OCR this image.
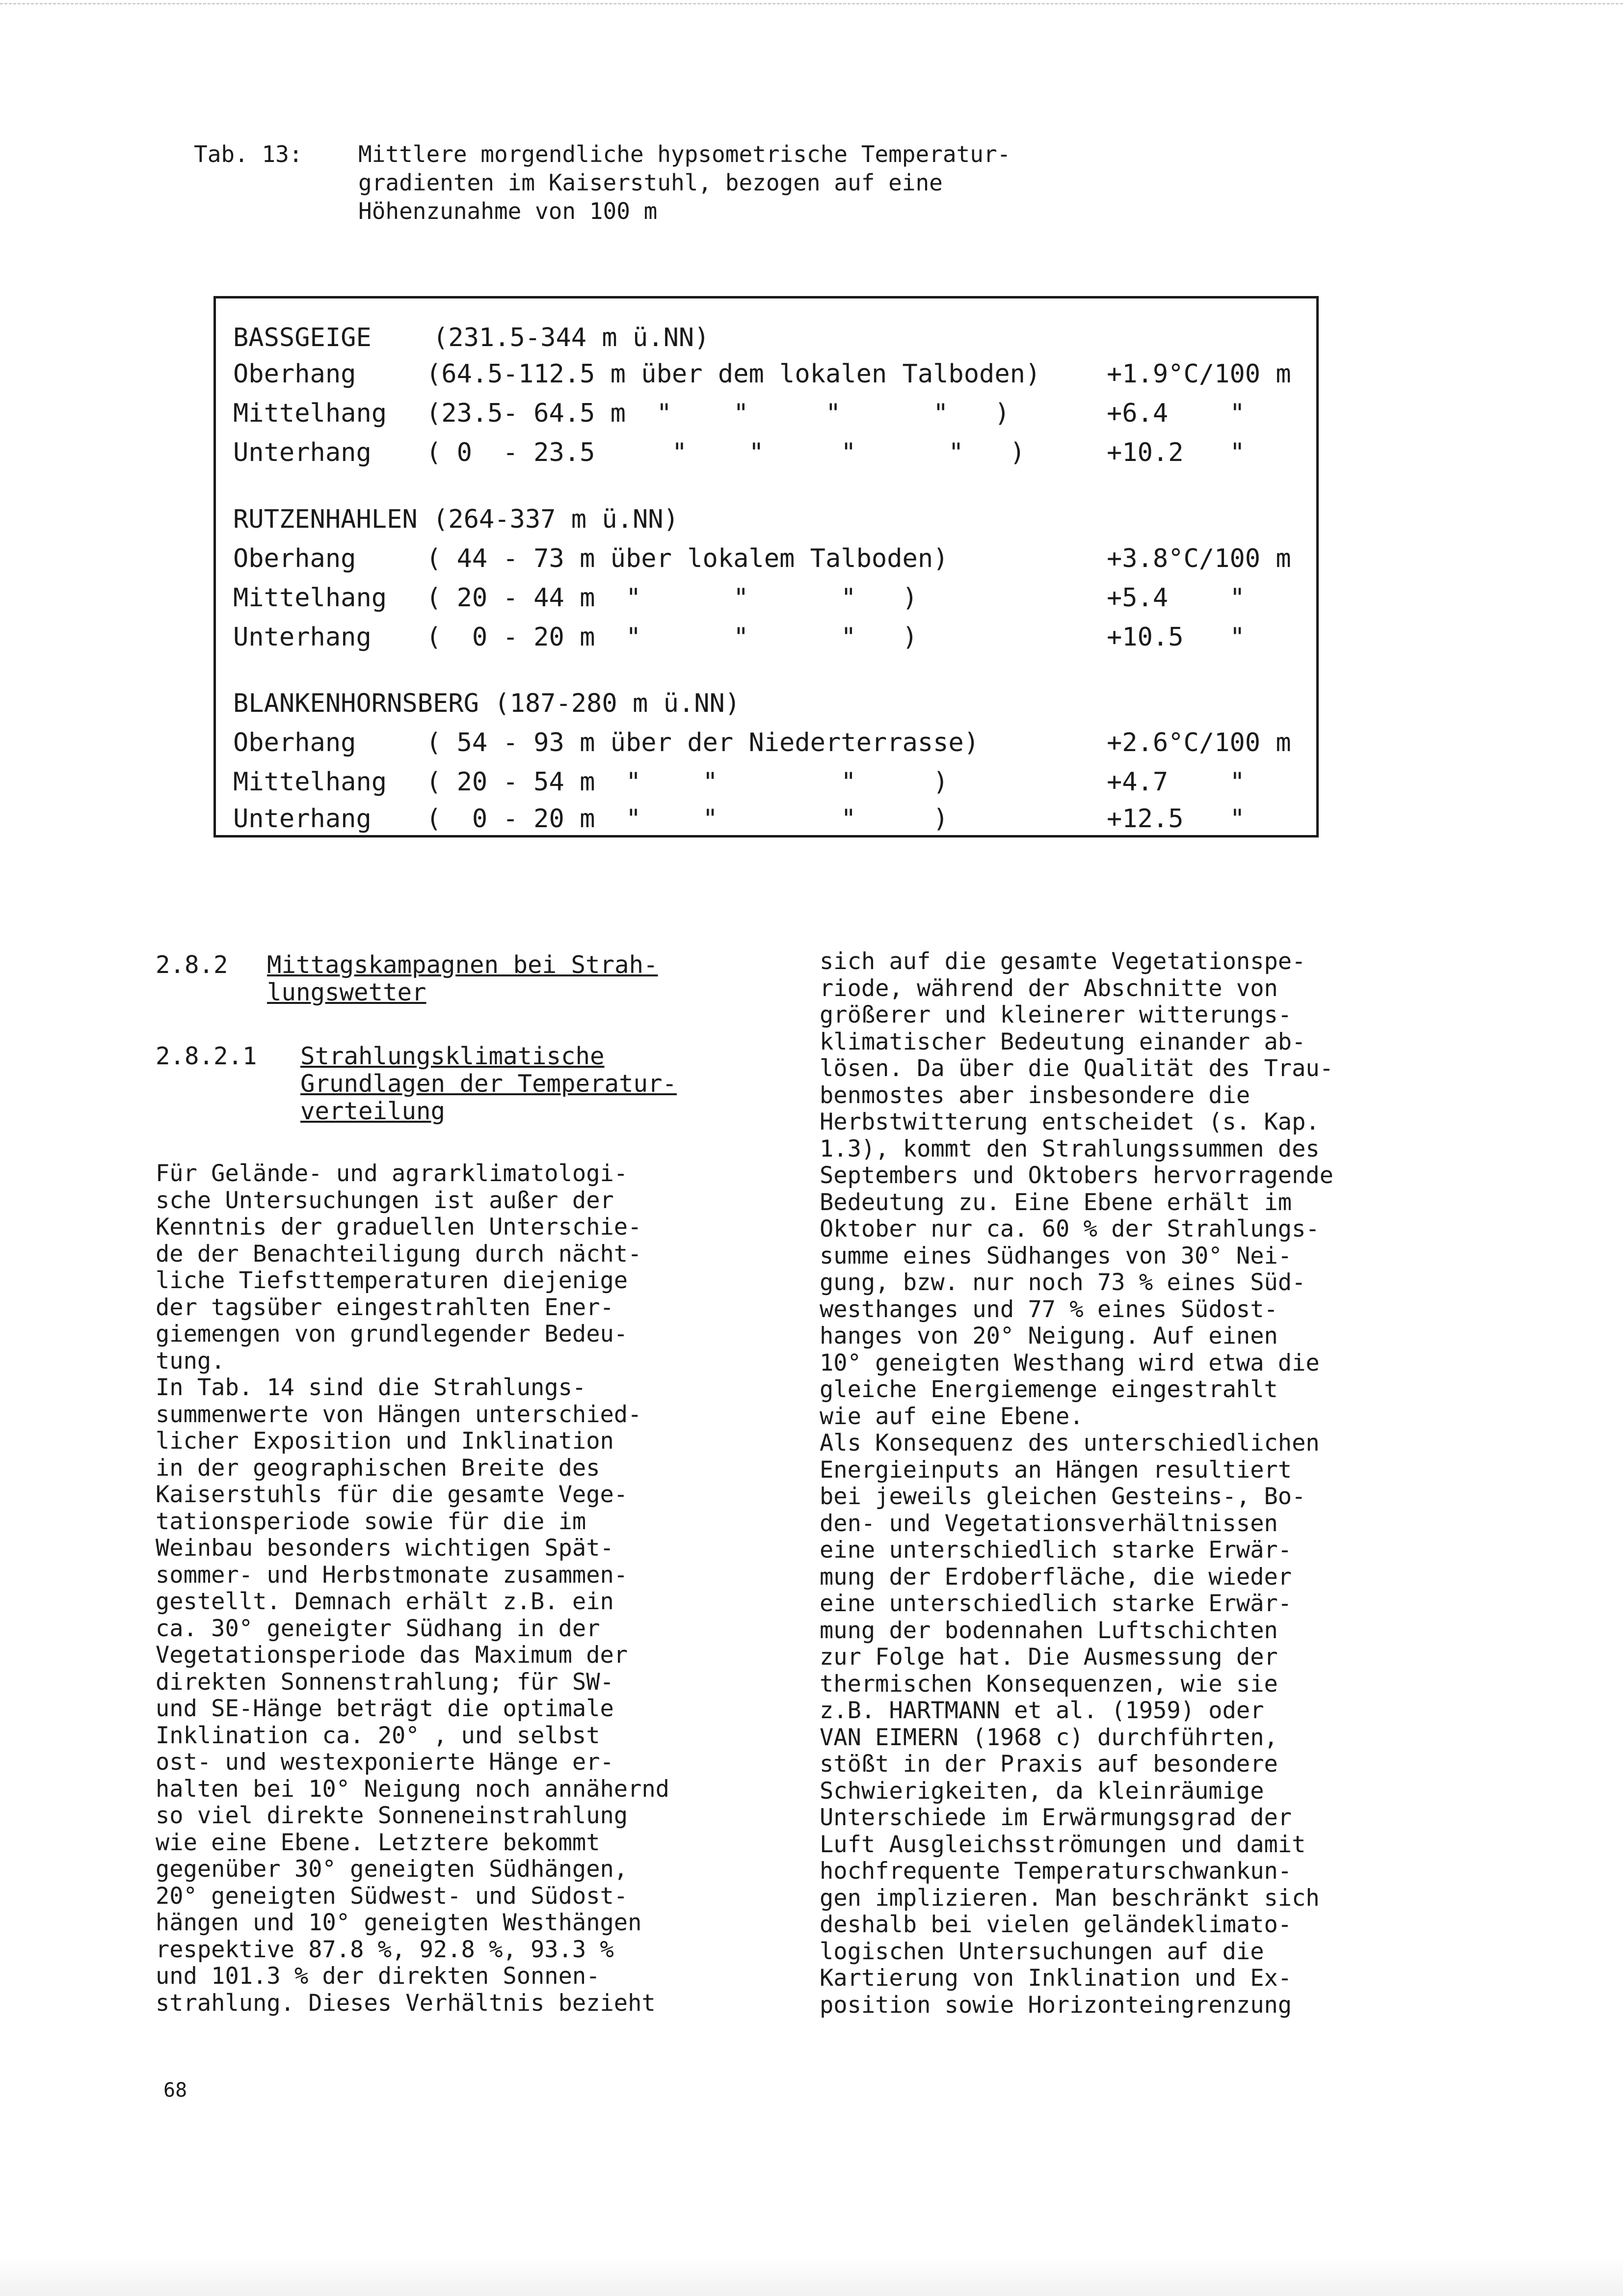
Tab. 13: Mittlere morgendliche hypsometrische Temperatur-
gradienten im Kaiserstuhl, bezogen auf eine
Höhenzunahme von 100 m
BASSGEIGE    (231.5-344 m ü.NN)
Oberhang	(64.5-112.5 m über dem lokalen Talboden)	+1.9°C/100 m
Mittelhang (23.5- 64.5 m  "    "     "      "   )	+6.4    "
Unterhang ( 0  - 23.5     "    "     "      "   )	+10.2   "
RUTZENHAHLEN (264-337 m ü.NN)
Oberhang	( 44 - 73 m über lokalem Talboden)	+3.8°C/100 m
Mittelhang ( 20 - 44 m  "      "      "   )	+5.4    "
Unterhang (  0 - 20 m  "      "      "   )	+10.5   "
BLANKENHORNSBERG (187-280 m ü.NN)
Oberhang	( 54 - 93 m über der Niederterrasse)	+2.6°C/100 m
Mittelhang ( 20 - 54 m  "    "        "     )	+4.7    "
Unterhang (  0 - 20 m  "    "        "     )	+12.5   "
2.8.2 Mittagskampagnen bei Strah-
lungswetter
2.8.2.1 Strahlungsklimatische
Grundlagen der Temperatur-
verteilung

Für Gelände- und agrarklimatologi-

sche Untersuchungen ist außer der

Kenntnis der graduellen Unterschie-

de der Benachteiligung durch nächt-

liche Tiefsttemperaturen diejenige

der tagsüber eingestrahlten Ener-

giemengen von grundlegender Bedeu-

tung.

In Tab. 14 sind die Strahlungs-

summenwerte von Hängen unterschied-

licher Exposition und Inklination

in der geographischen Breite des

Kaiserstuhls für die gesamte Vege-

tationsperiode sowie für die im

Weinbau besonders wichtigen Spät-

sommer- und Herbstmonate zusammen-

gestellt. Demnach erhält z.B. ein

ca. 30° geneigter Südhang in der

Vegetationsperiode das Maximum der

direkten Sonnenstrahlung; für SW-

und SE-Hänge beträgt die optimale

Inklination ca. 20° , und selbst

ost- und westexponierte Hänge er-

halten bei 10° Neigung noch annähernd

so viel direkte Sonneneinstrahlung

wie eine Ebene. Letztere bekommt

gegenüber 30° geneigten Südhängen,

20° geneigten Südwest- und Südost-

hängen und 10° geneigten Westhängen

respektive 87.8 %, 92.8 %, 93.3 %

und 101.3 % der direkten Sonnen-

strahlung. Dieses Verhältnis bezieht

sich auf die gesamte Vegetationspe-

riode, während der Abschnitte von

größerer und kleinerer witterungs-

klimatischer Bedeutung einander ab-

lösen. Da über die Qualität des Trau-

benmostes aber insbesondere die

Herbstwitterung entscheidet (s. Kap.

1.3), kommt den Strahlungssummen des

Septembers und Oktobers hervorragende

Bedeutung zu. Eine Ebene erhält im

Oktober nur ca. 60 % der Strahlungs-

summe eines Südhanges von 30° Nei-

gung, bzw. nur noch 73 % eines Süd-

westhanges und 77 % eines Südost-

hanges von 20° Neigung. Auf einen

10° geneigten Westhang wird etwa die

gleiche Energiemenge eingestrahlt

wie auf eine Ebene.

Als Konsequenz des unterschiedlichen

Energieinputs an Hängen resultiert

bei jeweils gleichen Gesteins-, Bo-

den- und Vegetationsverhältnissen

eine unterschiedlich starke Erwär-

mung der Erdoberfläche, die wieder

eine unterschiedlich starke Erwär-

mung der bodennahen Luftschichten

zur Folge hat. Die Ausmessung der

thermischen Konsequenzen, wie sie

z.B. HARTMANN et al. (1959) oder

VAN EIMERN (1968 c) durchführten,

stößt in der Praxis auf besondere

Schwierigkeiten, da kleinräumige

Unterschiede im Erwärmungsgrad der

Luft Ausgleichsströmungen und damit

hochfrequente Temperaturschwankun-

gen implizieren. Man beschränkt sich

deshalb bei vielen geländeklimato-

logischen Untersuchungen auf die

Kartierung von Inklination und Ex-

position sowie Horizonteingrenzung

68
